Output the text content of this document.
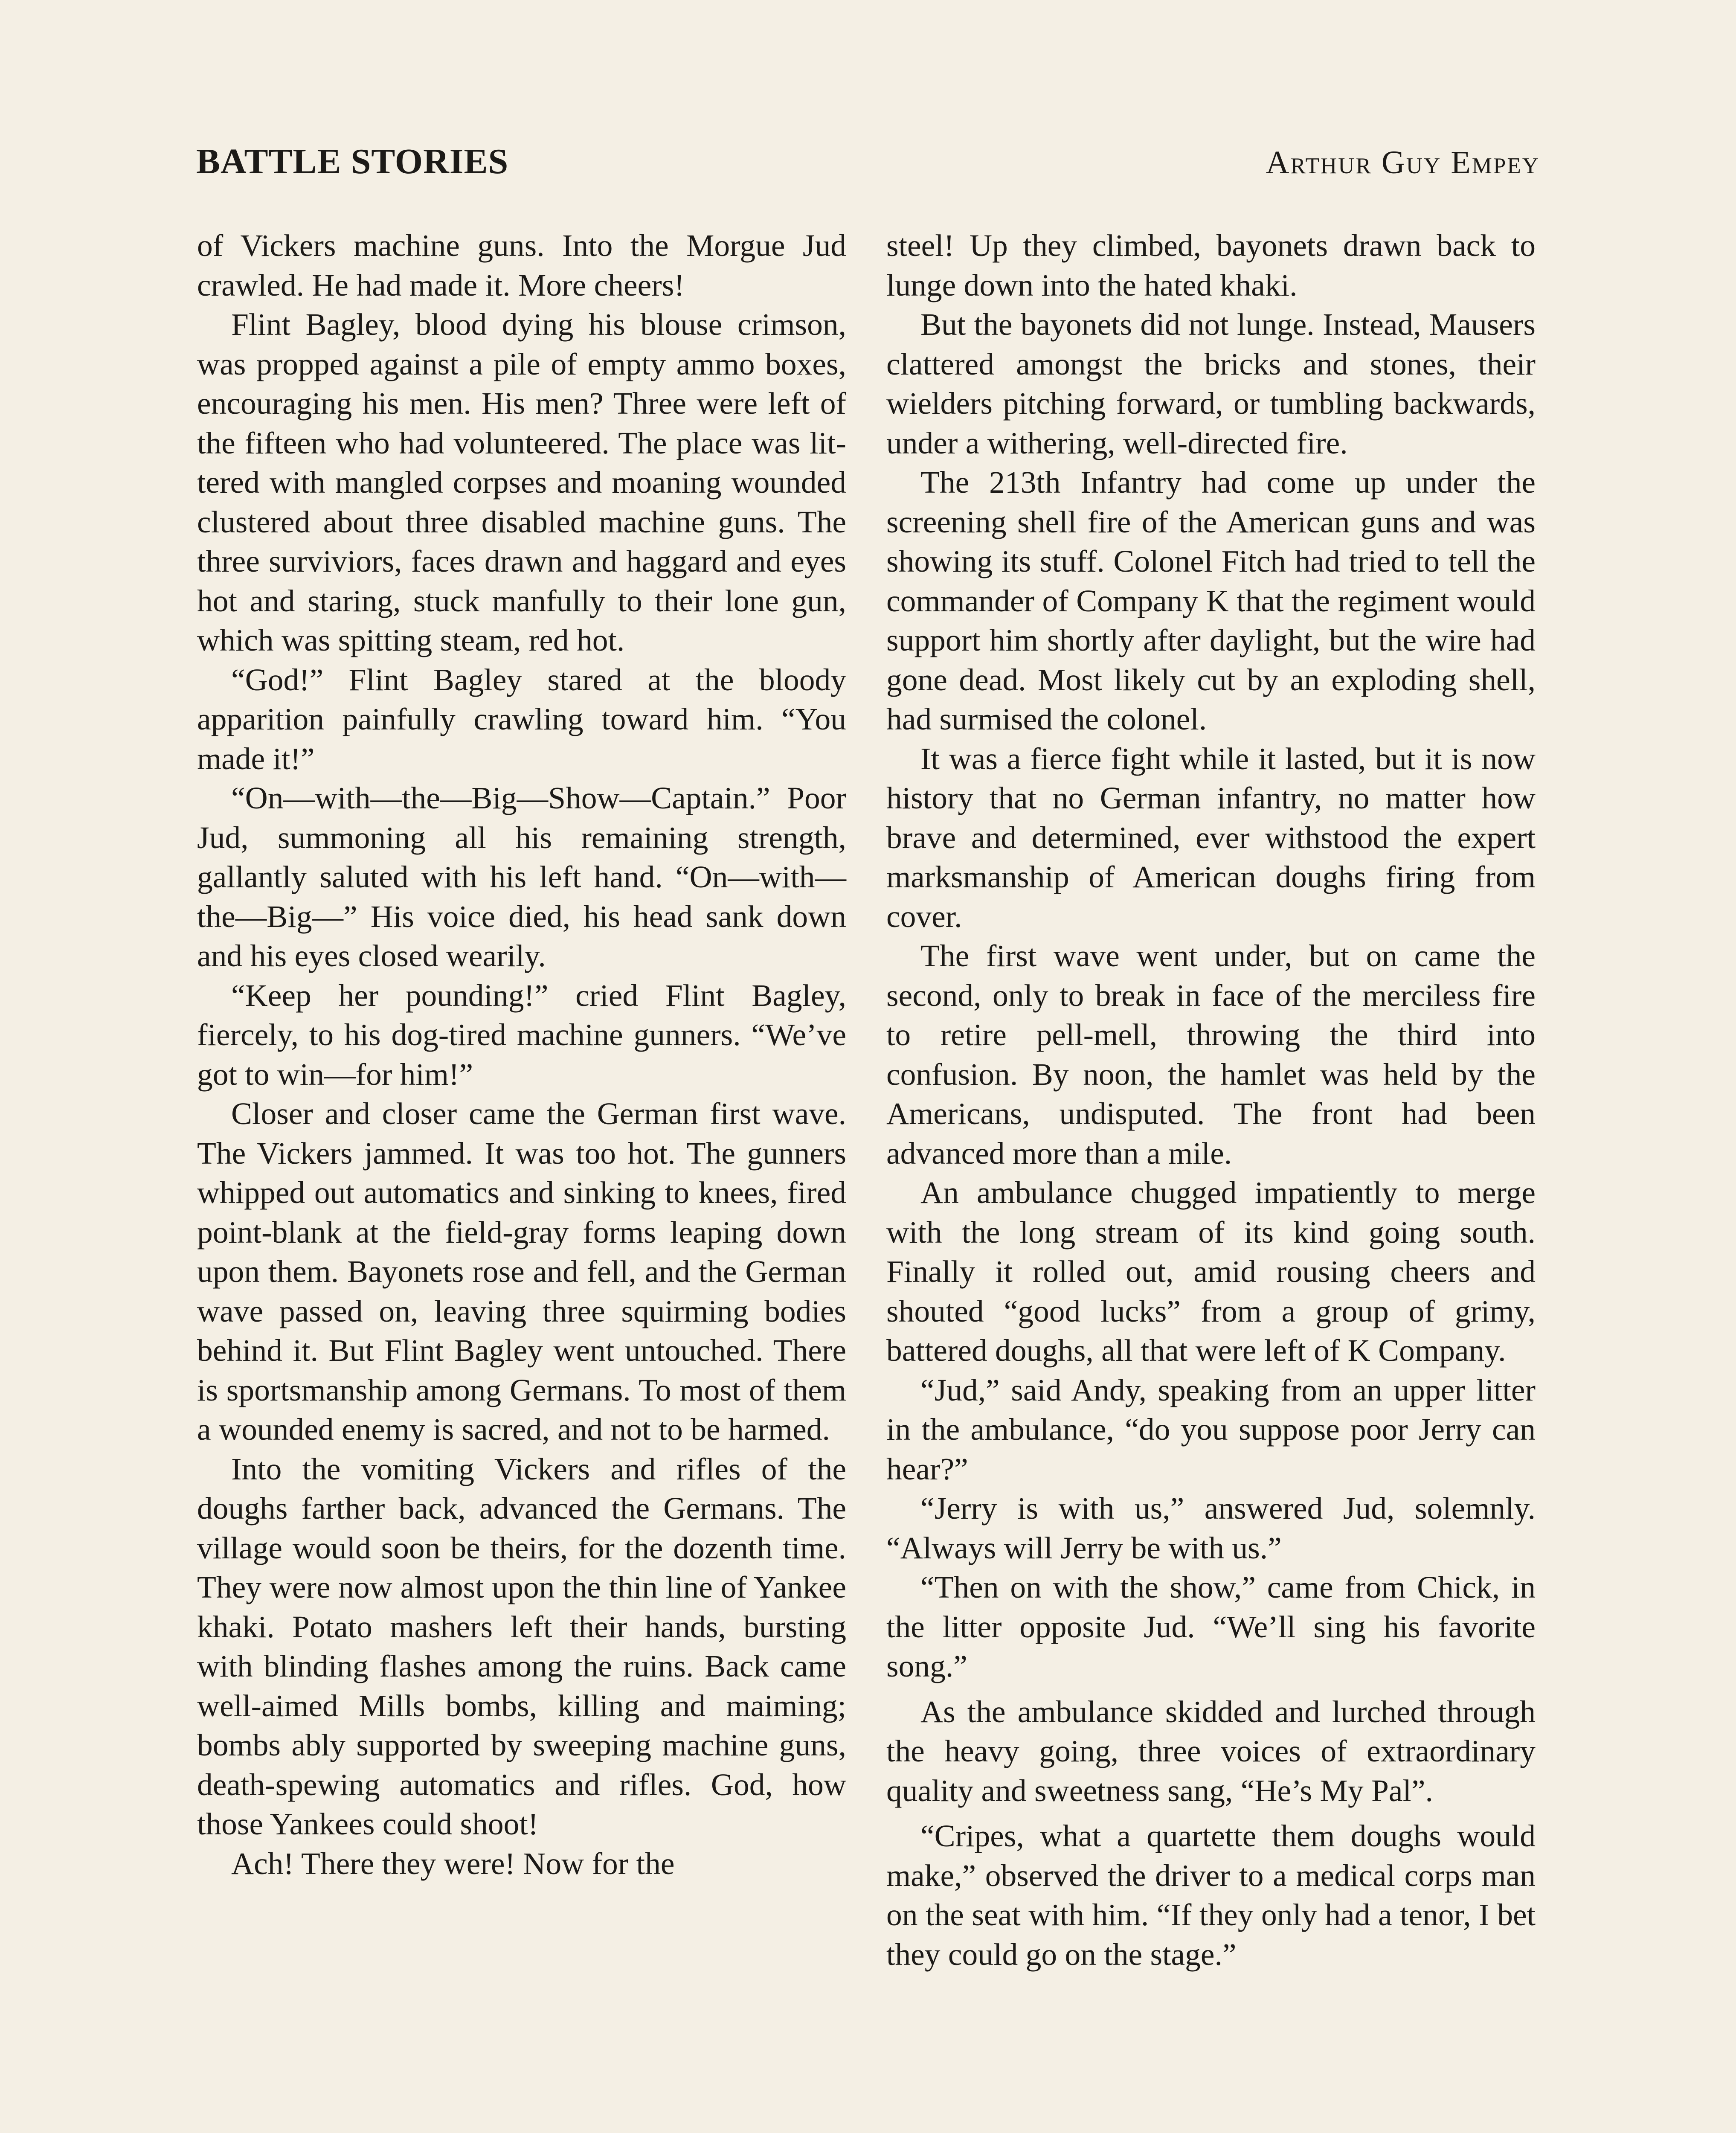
BATTLE STORIES	Arthur Guy Empey

of Vickers machine guns. Into the Morgue Jud crawled. He had made it. More cheers!

Flint Bagley, blood dying his blouse crimson, was propped against a pile of empty ammo boxes, encouraging his men. His men? Three were left of the fifteen who had volunteered. The place was littered with mangled corpses and moaning wounded clustered about three disabled machine guns. The three surviviors, faces drawn and haggard and eyes hot and staring, stuck manfully to their lone gun, which was spitting steam, red hot.

“God!” Flint Bagley stared at the bloody apparition painfully crawling toward him. “You made it!”

“On—with—the—Big—Show—Captain.” Poor Jud, summoning all his remaining strength, gallantly saluted with his left hand. “On—with—the—Big—” His voice died, his head sank down and his eyes closed wearily.

“Keep her pounding!” cried Flint Bagley, fiercely, to his dog-tired machine gunners. “We’ve got to win—for him!”

Closer and closer came the German first wave. The Vickers jammed. It was too hot. The gunners whipped out automatics and sinking to knees, fired point-blank at the field-gray forms leaping down upon them. Bayonets rose and fell, and the German wave passed on, leaving three squirming bodies behind it. But Flint Bagley went untouched. There is sportsmanship among Germans. To most of them a wounded enemy is sacred, and not to be harmed.

Into the vomiting Vickers and rifles of the doughs farther back, advanced the Germans. The village would soon be theirs, for the dozenth time. They were now almost upon the thin line of Yankee khaki. Potato mashers left their hands, bursting with blinding flashes among the ruins. Back came well-aimed Mills bombs, killing and maiming; bombs ably supported by sweeping machine guns, death-spewing automatics and rifles. God, how those Yankees could shoot!

Ach! There they were! Now for the

steel! Up they climbed, bayonets drawn back to lunge down into the hated khaki.

But the bayonets did not lunge. Instead, Mausers clattered amongst the bricks and stones, their wielders pitching forward, or tumbling backwards, under a withering, well-directed fire.

The 213th Infantry had come up under the screening shell fire of the American guns and was showing its stuff. Colonel Fitch had tried to tell the commander of Company K that the regiment would support him shortly after daylight, but the wire had gone dead. Most likely cut by an exploding shell, had surmised the colonel.

It was a fierce fight while it lasted, but it is now history that no German infantry, no matter how brave and determined, ever withstood the expert marksmanship of American doughs firing from cover.

The first wave went under, but on came the second, only to break in face of the merciless fire to retire pell-mell, throwing the third into confusion. By noon, the hamlet was held by the Americans, undisputed. The front had been advanced more than a mile.

An ambulance chugged impatiently to merge with the long stream of its kind going south. Finally it rolled out, amid rousing cheers and shouted “good lucks” from a group of grimy, battered doughs, all that were left of K Company.

“Jud,” said Andy, speaking from an upper litter in the ambulance, “do you suppose poor Jerry can hear?”

“Jerry is with us,” answered Jud, solemnly. “Always will Jerry be with us.”

“Then on with the show,” came from Chick, in the litter opposite Jud. “We’ll sing his favorite song.”

As the ambulance skidded and lurched through the heavy going, three voices of extraordinary quality and sweetness sang, “He’s My Pal”.

“Cripes, what a quartette them doughs would make,” observed the driver to a medical corps man on the seat with him. “If they only had a tenor, I bet they could go on the stage.”
